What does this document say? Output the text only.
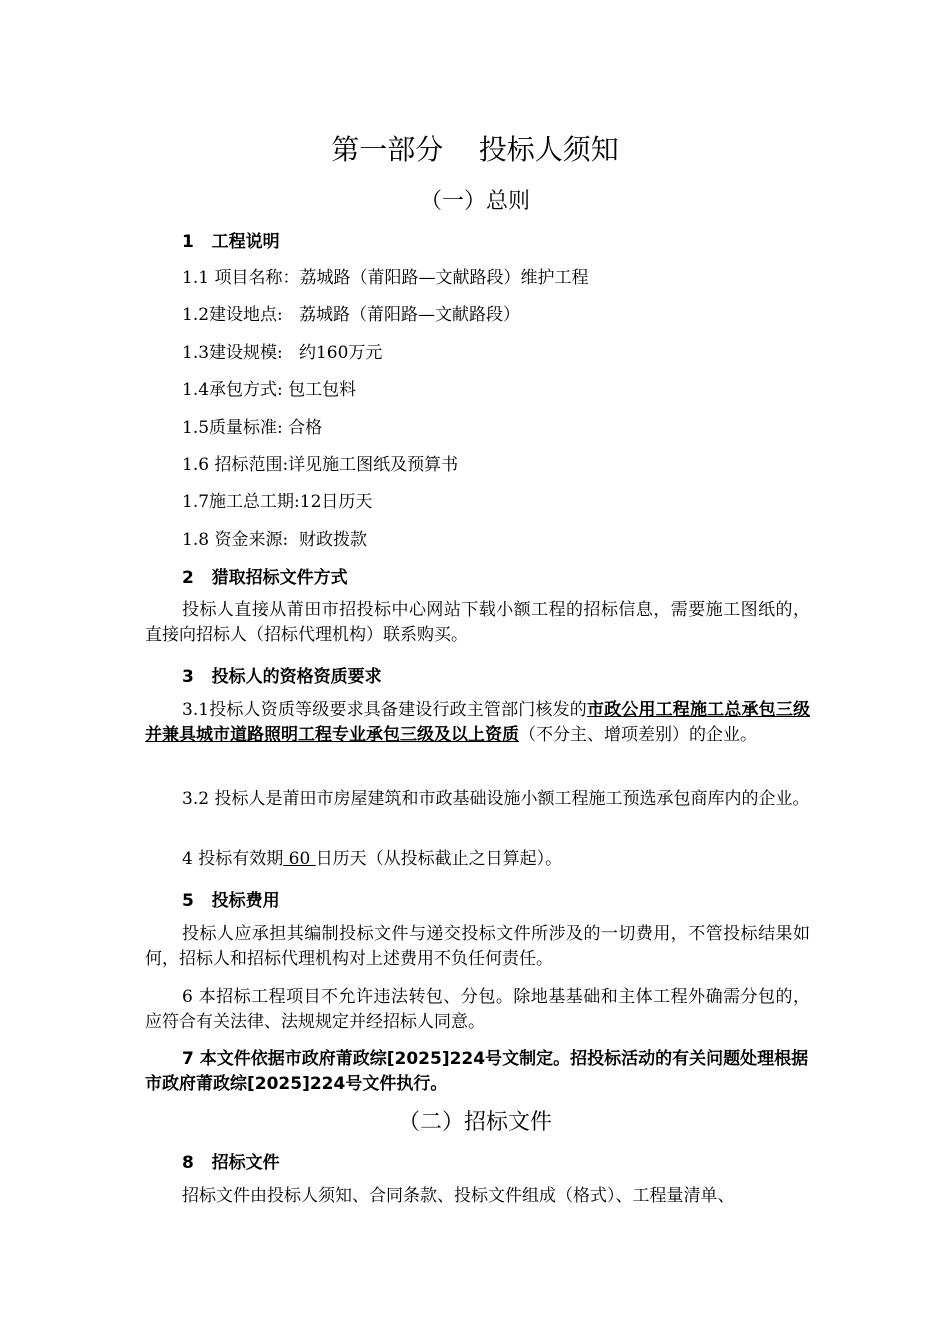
第一部分    投标人须知
（一）总则
1   工程说明
1.1 项目名称：荔城路（莆阳路—文献路段）维护工程
1.2建设地点:   荔城路（莆阳路—文献路段）
1.3建设规模:   约160万元
1.4承包方式: 包工包料
1.5质量标准: 合格
1.6 招标范围:详见施工图纸及预算书
1.7施工总工期:12日历天
1.8 资金来源:  财政拨款
2   猎取招标文件方式

投标人直接从莆田市招投标中心网站下载小额工程的招标信息，需要施工图纸的，直接向招标人（招标代理机构）联系购买。

3   投标人的资格资质要求

3.1投标人资质等级要求具备建设行政主管部门核发的市政公用工程施工总承包三级并兼具城市道路照明工程专业承包三级及以上资质（不分主、增项差别）的企业。

3.2 投标人是莆田市房屋建筑和市政基础设施小额工程施工预选承包商库内的企业。

4 投标有效期 60 日历天（从投标截止之日算起）。

5   投标费用

投标人应承担其编制投标文件与递交投标文件所涉及的一切费用，不管投标结果如何，招标人和招标代理机构对上述费用不负任何责任。

6 本招标工程项目不允许违法转包、分包。除地基基础和主体工程外确需分包的，应符合有关法律、法规规定并经招标人同意。

7 本文件依据市政府莆政综[2025]224号文制定。招投标活动的有关问题处理根据市政府莆政综[2025]224号文件执行。

（二）招标文件
8   招标文件

招标文件由投标人须知、合同条款、投标文件组成（格式）、工程量清单、
